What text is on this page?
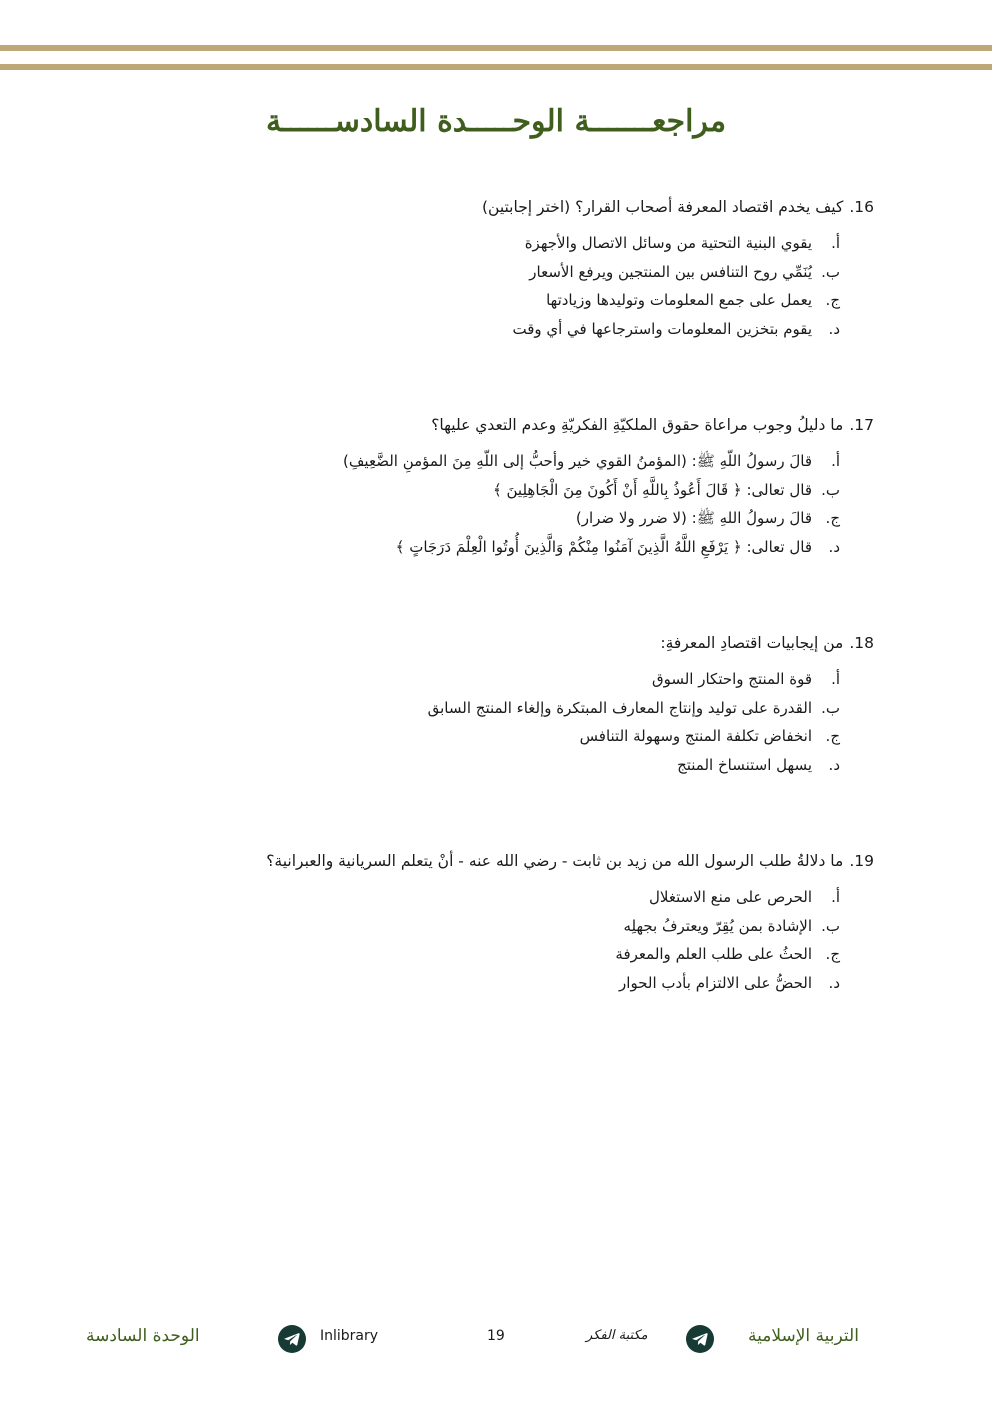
مراجعـــــــة الوحـــــدة السادســــــة

16.كيف يخدم اقتصاد المعرفة أصحاب القرار؟ (اختر إجابتين)

أ.يقوي البنية التحتية من وسائل الاتصال والأجهزة
ب.يُنَمِّي روح التنافس بين المنتجين ويرفع الأسعار
ج.يعمل على جمع المعلومات وتوليدها وزيادتها
د.يقوم بتخزين المعلومات واسترجاعها في أي وقت

17.ما دليلُ وجوب مراعاة حقوق الملكيّةِ الفكريّةِ وعدم التعدي عليها؟

أ.قالَ رسولُ اللّهِ ﷺ: (المؤمنُ القوي خير وأحبُّ إلى اللّهِ مِنَ المؤمنِ الضَّعِيفِ)
ب.قال تعالى: ﴿ قَالَ أَعُوذُ بِاللَّهِ أَنْ أَكُونَ مِنَ الْجَاهِلِينَ ﴾
ج.قالَ رسولُ اللهِ ﷺ: (لا ضرر ولا ضرار)
د.قال تعالى: ﴿ يَرْفَعِ اللَّهُ الَّذِينَ آمَنُوا مِنْكُمْ وَالَّذِينَ أُوتُوا الْعِلْمَ دَرَجَاتٍ ﴾

18.من إيجابيات اقتصادِ المعرفةِ:

أ.قوة المنتج واحتكار السوق
ب.القدرة على توليد وإنتاج المعارف المبتكرة وإلغاء المنتج السابق
ج.انخفاض تكلفة المنتج وسهولة التنافس
د.يسهل استنساخ المنتج

19.ما دلالةُ طلب الرسول الله من زيد بن ثابت - رضي الله عنه - أنْ يتعلم السريانية والعبرانية؟

أ.الحرص على منع الاستغلال
ب.الإشادة بمن يُقِرّ ويعترفُ بجهلِه
ج.الحثُ على طلب العلم والمعرفة
د.الحضُّ على الالتزام بأدب الحوار
الوحدة السادسة	Inlibrary	19	مكتبة الفكر	التربية الإسلامية
